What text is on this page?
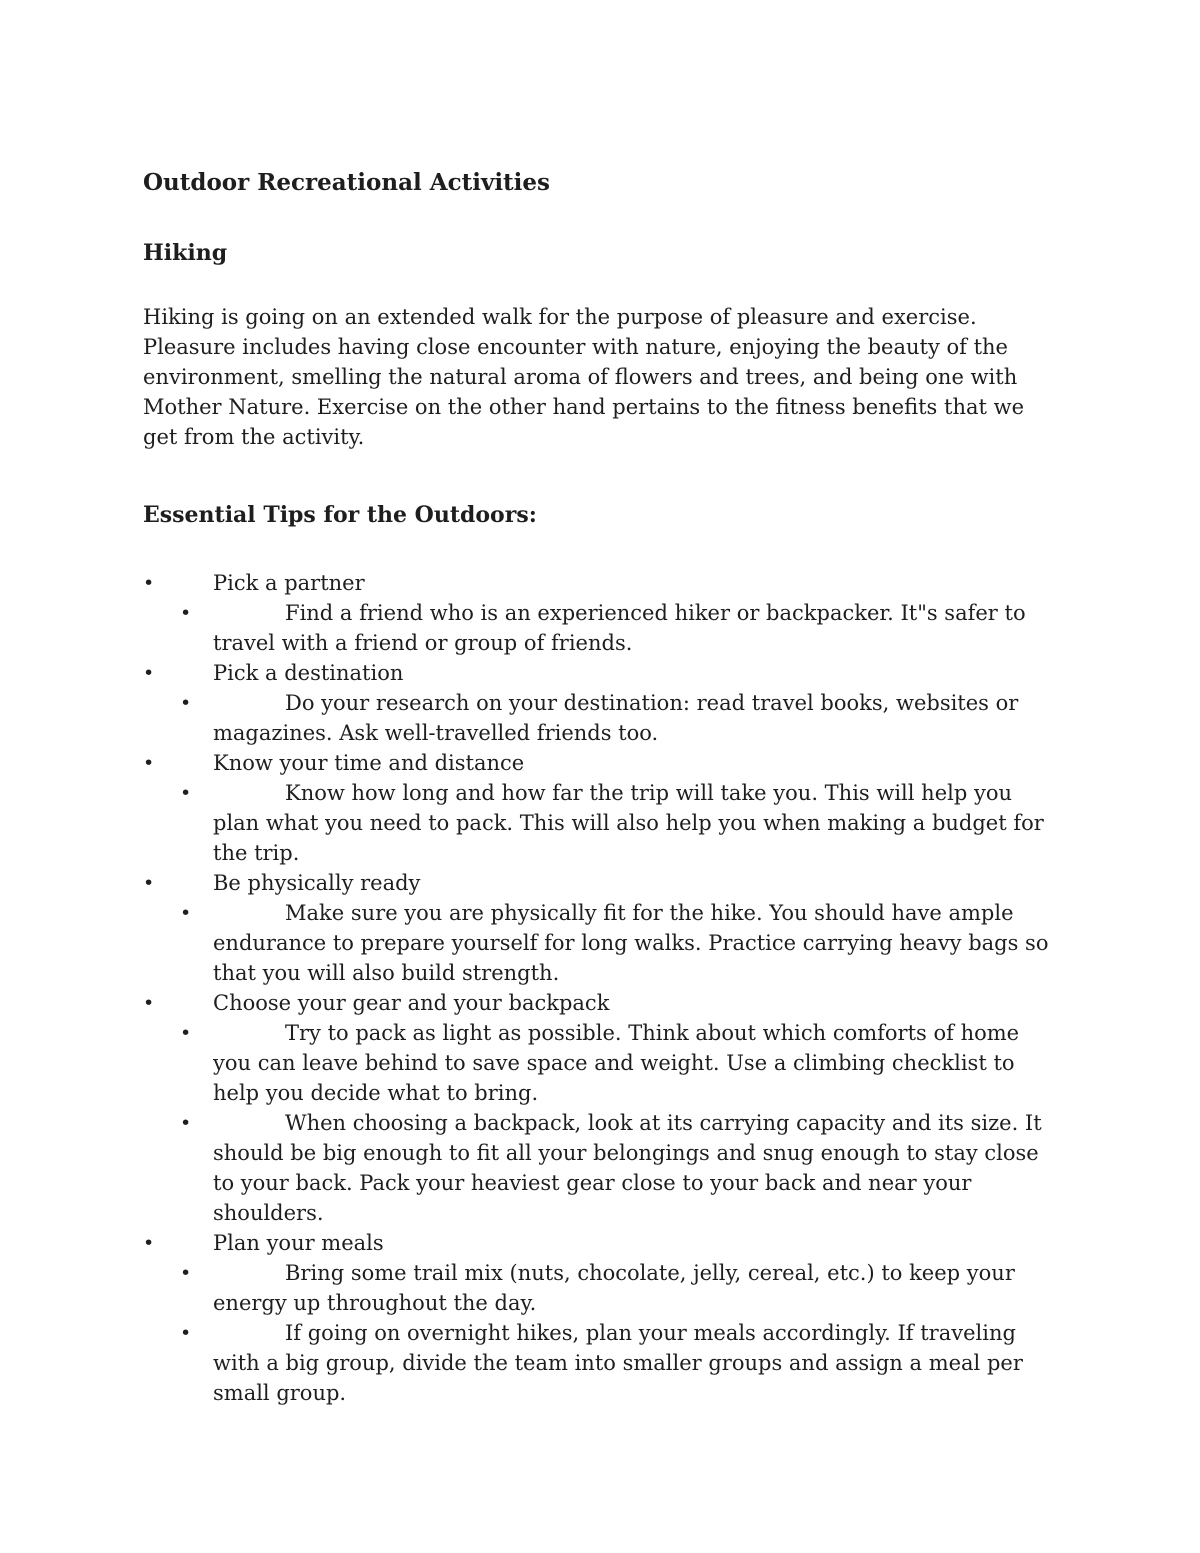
Outdoor Recreational Activities
Hiking

Hiking is going on an extended walk for the purpose of pleasure and exercise. Pleasure includes having close encounter with nature, enjoying the beauty of the environment, smelling the natural aroma of flowers and trees, and being one with Mother Nature. Exercise on the other hand pertains to the fitness benefits that we get from the activity.

Essential Tips for the Outdoors:
•	Pick a partner
•	Find a friend who is an experienced hiker or backpacker. It"s safer to travel with a friend or group of friends.
•	Pick a destination
•	Do your research on your destination: read travel books, websites or magazines. Ask well-travelled friends too.
•	Know your time and distance
•	Know how long and how far the trip will take you. This will help you plan what you need to pack. This will also help you when making a budget for the trip.
•	Be physically ready
•	Make sure you are physically fit for the hike. You should have ample endurance to prepare yourself for long walks. Practice carrying heavy bags so that you will also build strength.
•	Choose your gear and your backpack
•	Try to pack as light as possible. Think about which comforts of home you can leave behind to save space and weight. Use a climbing checklist to help you decide what to bring.
•	When choosing a backpack, look at its carrying capacity and its size. It should be big enough to fit all your belongings and snug enough to stay close to your back. Pack your heaviest gear close to your back and near your shoulders.
•	Plan your meals
•	Bring some trail mix (nuts, chocolate, jelly, cereal, etc.) to keep your energy up throughout the day.
•	If going on overnight hikes, plan your meals accordingly. If traveling with a big group, divide the team into smaller groups and assign a meal per small group.
